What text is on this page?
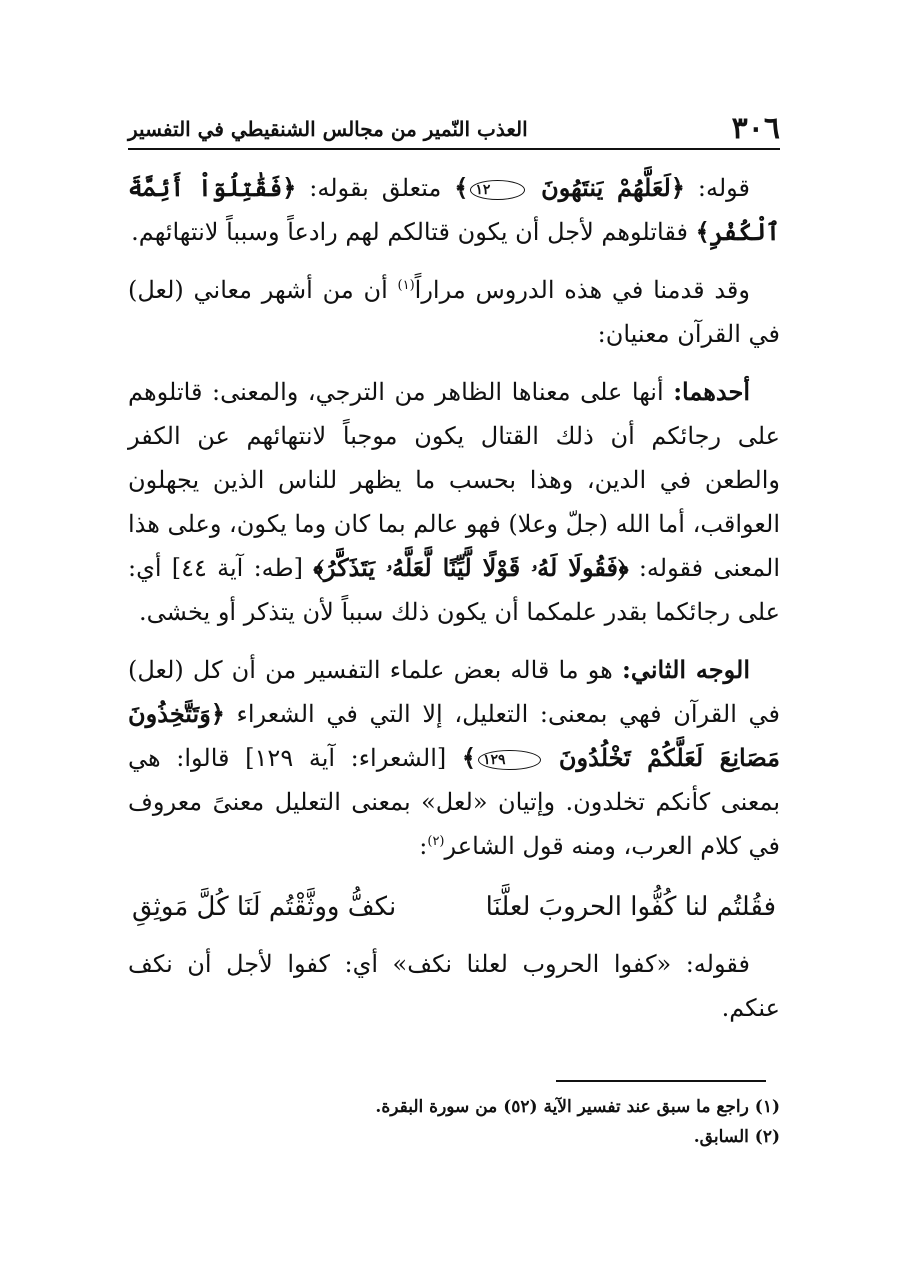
٣٠٦
العذب النّمير من مجالس الشنقيطي في التفسير

قوله: ﴿لَعَلَّهُمْ يَنتَهُونَ ١٢﴾ متعلق بقوله: ﴿فَقَٰتِلُوٓاْ أَئِمَّةَ ٱلْكُفْرِ﴾ فقاتلوهم لأجل أن يكون قتالكم لهم رادعاً وسبباً لانتهائهم.

وقد قدمنا في هذه الدروس مراراً$^{(١)}$ أن من أشهر معاني (لعل) في القرآن معنيان:

أحدهما: أنها على معناها الظاهر من الترجي، والمعنى: قاتلوهم على رجائكم أن ذلك القتال يكون موجباً لانتهائهم عن الكفر والطعن في الدين، وهذا بحسب ما يظهر للناس الذين يجهلون العواقب، أما الله (جلّ وعلا) فهو عالم بما كان وما يكون، وعلى هذا المعنى فقوله: ﴿فَقُولَا لَهُۥ قَوْلًا لَّيِّنًا لَّعَلَّهُۥ يَتَذَكَّرُ﴾ [طه: آية ٤٤] أي: على رجائكما بقدر علمكما أن يكون ذلك سبباً لأن يتذكر أو يخشى.

الوجه الثاني: هو ما قاله بعض علماء التفسير من أن كل (لعل) في القرآن فهي بمعنى: التعليل، إلا التي في الشعراء ﴿وَتَتَّخِذُونَ مَصَانِعَ لَعَلَّكُمْ تَخْلُدُونَ ١٢٩﴾ [الشعراء: آية ١٢٩] قالوا: هي بمعنى كأنكم تخلدون. وإتيان «لعل» بمعنى التعليل معنىً معروف في كلام العرب، ومنه قول الشاعر$^{(٢)}$:

فقُلتُم لنا كُفُّوا الحروبَ لعلَّنَا
نكفُّ ووثَّقْتُم لَنَا كُلَّ مَوثِقِ

فقوله: «كفوا الحروب لعلنا نكف» أي: كفوا لأجل أن نكف عنكم.

(١) راجع ما سبق عند تفسير الآية (٥٢) من سورة البقرة.

(٢) السابق.
